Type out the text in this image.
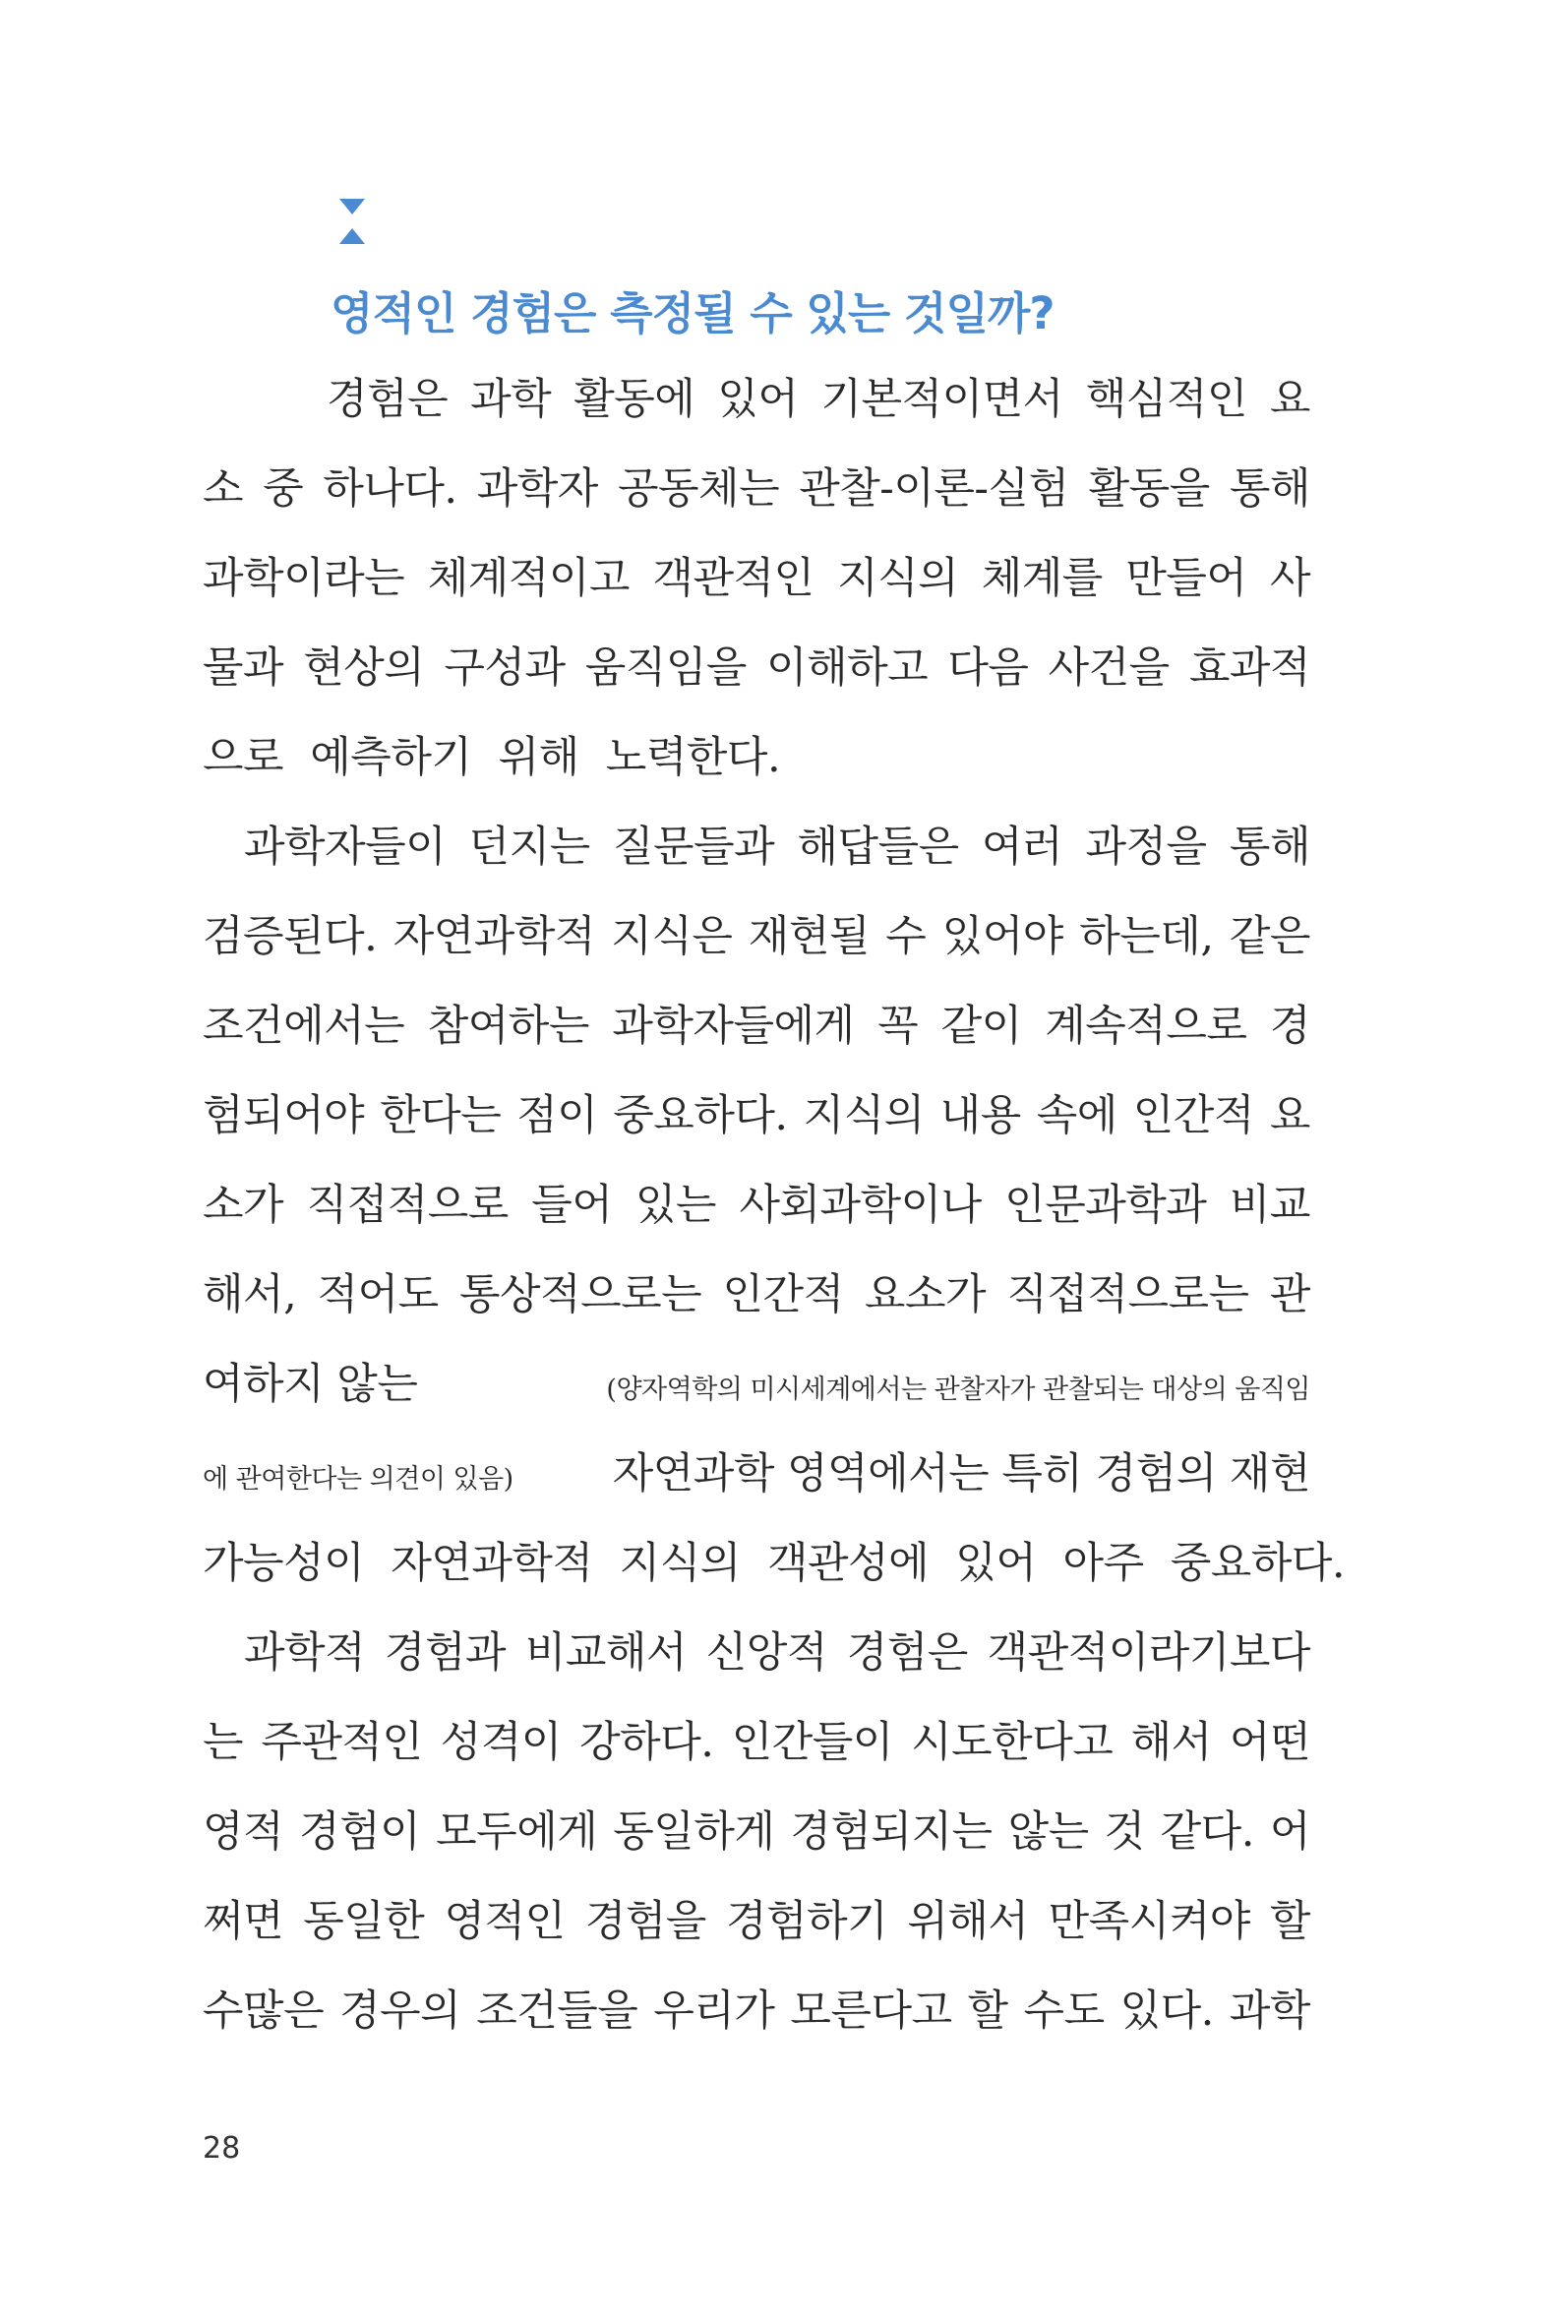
영적인 경험은 측정될 수 있는 것일까?
경험은 과학 활동에 있어 기본적이면서 핵심적인 요
소 중 하나다. 과학자 공동체는 관찰-이론-실험 활동을 통해
과학이라는 체계적이고 객관적인 지식의 체계를 만들어 사
물과 현상의 구성과 움직임을 이해하고 다음 사건을 효과적
으로 예측하기 위해 노력한다.
과학자들이 던지는 질문들과 해답들은 여러 과정을 통해
검증된다. 자연과학적 지식은 재현될 수 있어야 하는데, 같은
조건에서는 참여하는 과학자들에게 꼭 같이 계속적으로 경
험되어야 한다는 점이 중요하다. 지식의 내용 속에 인간적 요
소가 직접적으로 들어 있는 사회과학이나 인문과학과 비교
해서, 적어도 통상적으로는 인간적 요소가 직접적으로는 관
여하지 않는	(양자역학의 미시세계에서는 관찰자가 관찰되는 대상의 움직임
에 관여한다는 의견이 있음) 자연과학 영역에서는 특히 경험의 재현
가능성이 자연과학적 지식의 객관성에 있어 아주 중요하다.
과학적 경험과 비교해서 신앙적 경험은 객관적이라기보다
는 주관적인 성격이 강하다. 인간들이 시도한다고 해서 어떤
영적 경험이 모두에게 동일하게 경험되지는 않는 것 같다. 어
쩌면 동일한 영적인 경험을 경험하기 위해서 만족시켜야 할
수많은 경우의 조건들을 우리가 모른다고 할 수도 있다. 과학
28
